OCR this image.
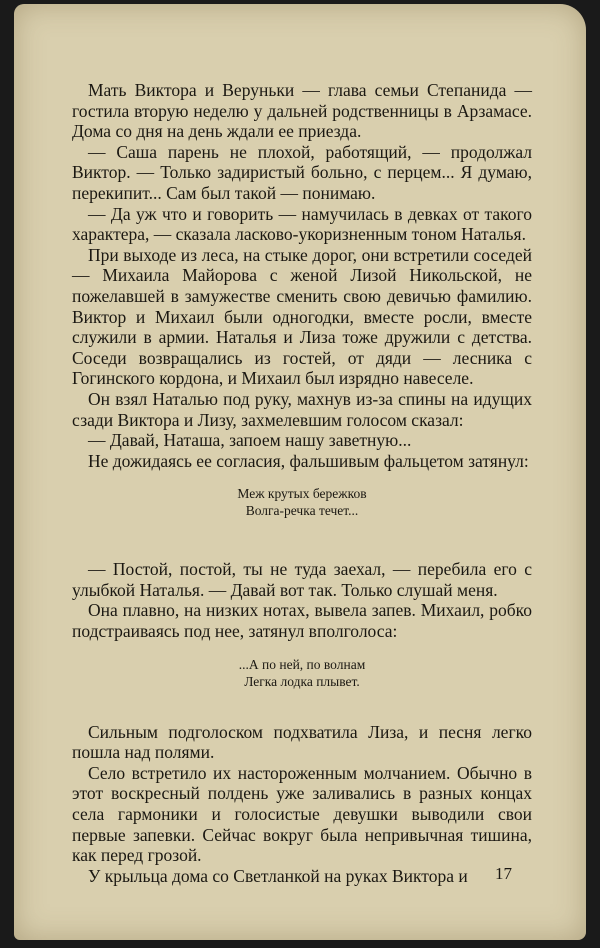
Мать Виктора и Веруньки — глава семьи Степанида — гостила вторую неделю у дальней родственницы в Арзамасе. Дома со дня на день ждали ее приезда.

— Саша парень не плохой, работящий, — продолжал Виктор. — Только задиристый больно, с перцем... Я думаю, перекипит... Сам был такой — понимаю.

— Да уж что и говорить — намучилась в девках от такого характера, — сказала ласково-укоризненным тоном Наталья.

При выходе из леса, на стыке дорог, они встретили соседей — Михаила Майорова с женой Лизой Никольской, не пожелавшей в замужестве сменить свою девичью фамилию. Виктор и Михаил были одногодки, вместе росли, вместе служили в армии. Наталья и Лиза тоже дружили с детства. Соседи возвращались из гостей, от дяди — лесника с Гогинского кордона, и Михаил был изрядно навеселе.

Он взял Наталью под руку, махнув из-за спины на идущих сзади Виктора и Лизу, захмелевшим голосом сказал:

— Давай, Наташа, запоем нашу заветную...

Не дожидаясь ее согласия, фальшивым фальцетом затянул:

Меж крутых бережков
Волга-речка течет...

— Постой, постой, ты не туда заехал, — перебила его с улыбкой Наталья. — Давай вот так. Только слушай меня.

Она плавно, на низких нотах, вывела запев. Михаил, робко подстраиваясь под нее, затянул вполголоса:

...А по ней, по волнам
Легка лодка плывет.

Сильным подголоском подхватила Лиза, и песня легко пошла над полями.

Село встретило их настороженным молчанием. Обычно в этот воскресный полдень уже заливались в разных концах села гармоники и голосистые девушки выводили свои первые запевки. Сейчас вокруг была непривычная тишина, как перед грозой.

У крыльца дома со Светланкой на руках Виктора и	17
